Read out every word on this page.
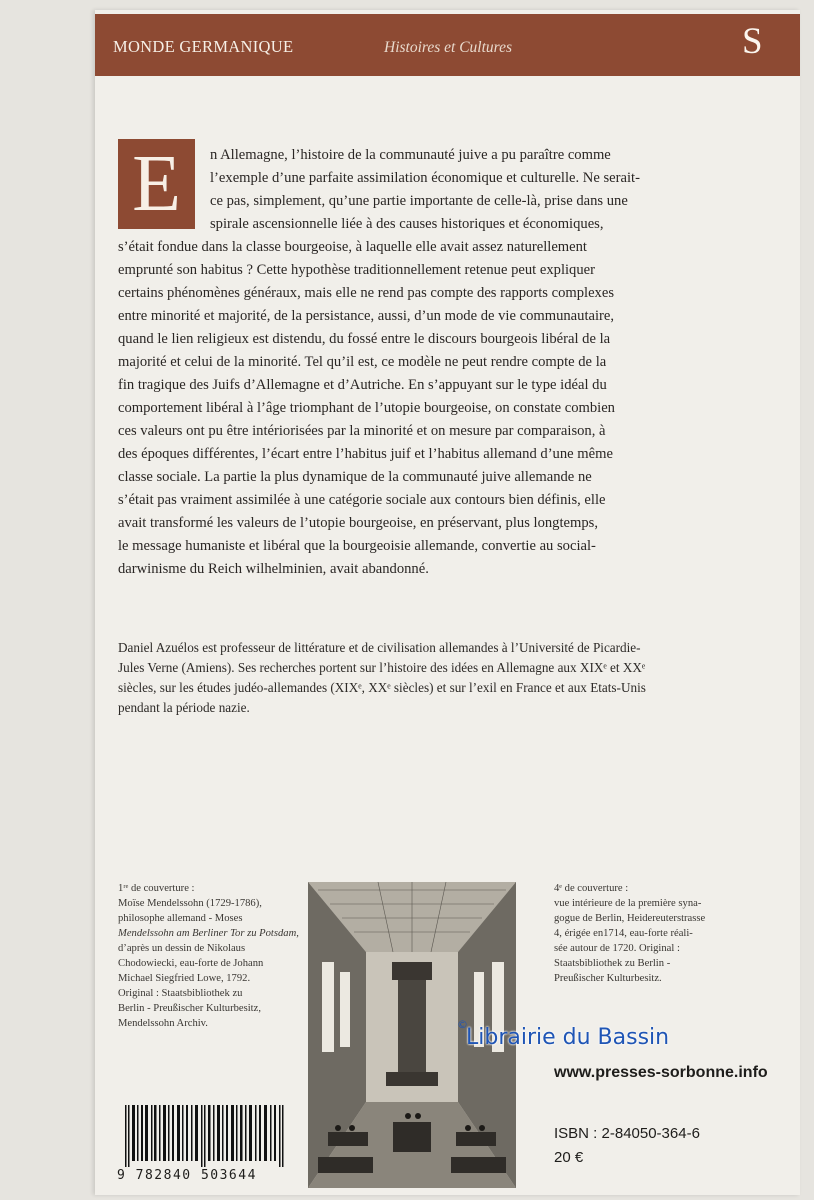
MONDE GERMANIQUE	Histoires et Cultures	S
E	n Allemagne, l’histoire de la communauté juive a pu paraître comme
l’exemple d’une parfaite assimilation économique et culturelle. Ne serait-
ce pas, simplement, qu’une partie importante de celle-là, prise dans une
spirale ascensionnelle liée à des causes historiques et économiques,
s’était fondue dans la classe bourgeoise, à laquelle elle avait assez naturellement
emprunté son habitus ? Cette hypothèse traditionnellement retenue peut expliquer
certains phénomènes généraux, mais elle ne rend pas compte des rapports complexes
entre minorité et majorité, de la persistance, aussi, d’un mode de vie communautaire,
quand le lien religieux est distendu, du fossé entre le discours bourgeois libéral de la
majorité et celui de la minorité. Tel qu’il est, ce modèle ne peut rendre compte de la
fin tragique des Juifs d’Allemagne et d’Autriche. En s’appuyant sur le type idéal du
comportement libéral à l’âge triomphant de l’utopie bourgeoise, on constate combien
ces valeurs ont pu être intériorisées par la minorité et on mesure par comparaison, à
des époques différentes, l’écart entre l’habitus juif et l’habitus allemand d’une même
classe sociale. La partie la plus dynamique de la communauté juive allemande ne
s’était pas vraiment assimilée à une catégorie sociale aux contours bien définis, elle
avait transformé les valeurs de l’utopie bourgeoise, en préservant, plus longtemps,
le message humaniste et libéral que la bourgeoisie allemande, convertie au social-
darwinisme du Reich wilhelminien, avait abandonné.
Daniel Azuélos est professeur de littérature et de civilisation allemandes à l’Université de Picardie-
Jules Verne (Amiens). Ses recherches portent sur l’histoire des idées en Allemagne aux XIXᵉ et XXᵉ
siècles, sur les études judéo-allemandes (XIXᵉ, XXᵉ siècles) et sur l’exil en France et aux Etats-Unis
pendant la période nazie.
1ʳᵉ de couverture :
Moïse Mendelssohn (1729-1786),
philosophe allemand - Moses
Mendelssohn am Berliner Tor zu Potsdam,
d’après un dessin de Nikolaus
Chodowiecki, eau-forte de Johann
Michael Siegfried Lowe, 1792.
Original : Staatsbibliothek zu
Berlin - Preußischer Kulturbesitz,
Mendelssohn Archiv.
4ᵉ de couverture :
vue intérieure de la première syna-
gogue de Berlin, Heidereuterstrasse
4, érigée en1714, eau-forte réali-
sée autour de 1720. Original :
Staatsbibliothek zu Berlin -
Preußischer Kulturbesitz.
©
Librairie du Bassin
www.presses-sorbonne.info
ISBN : 2-84050-364-6
20 €
9 782840 503644
